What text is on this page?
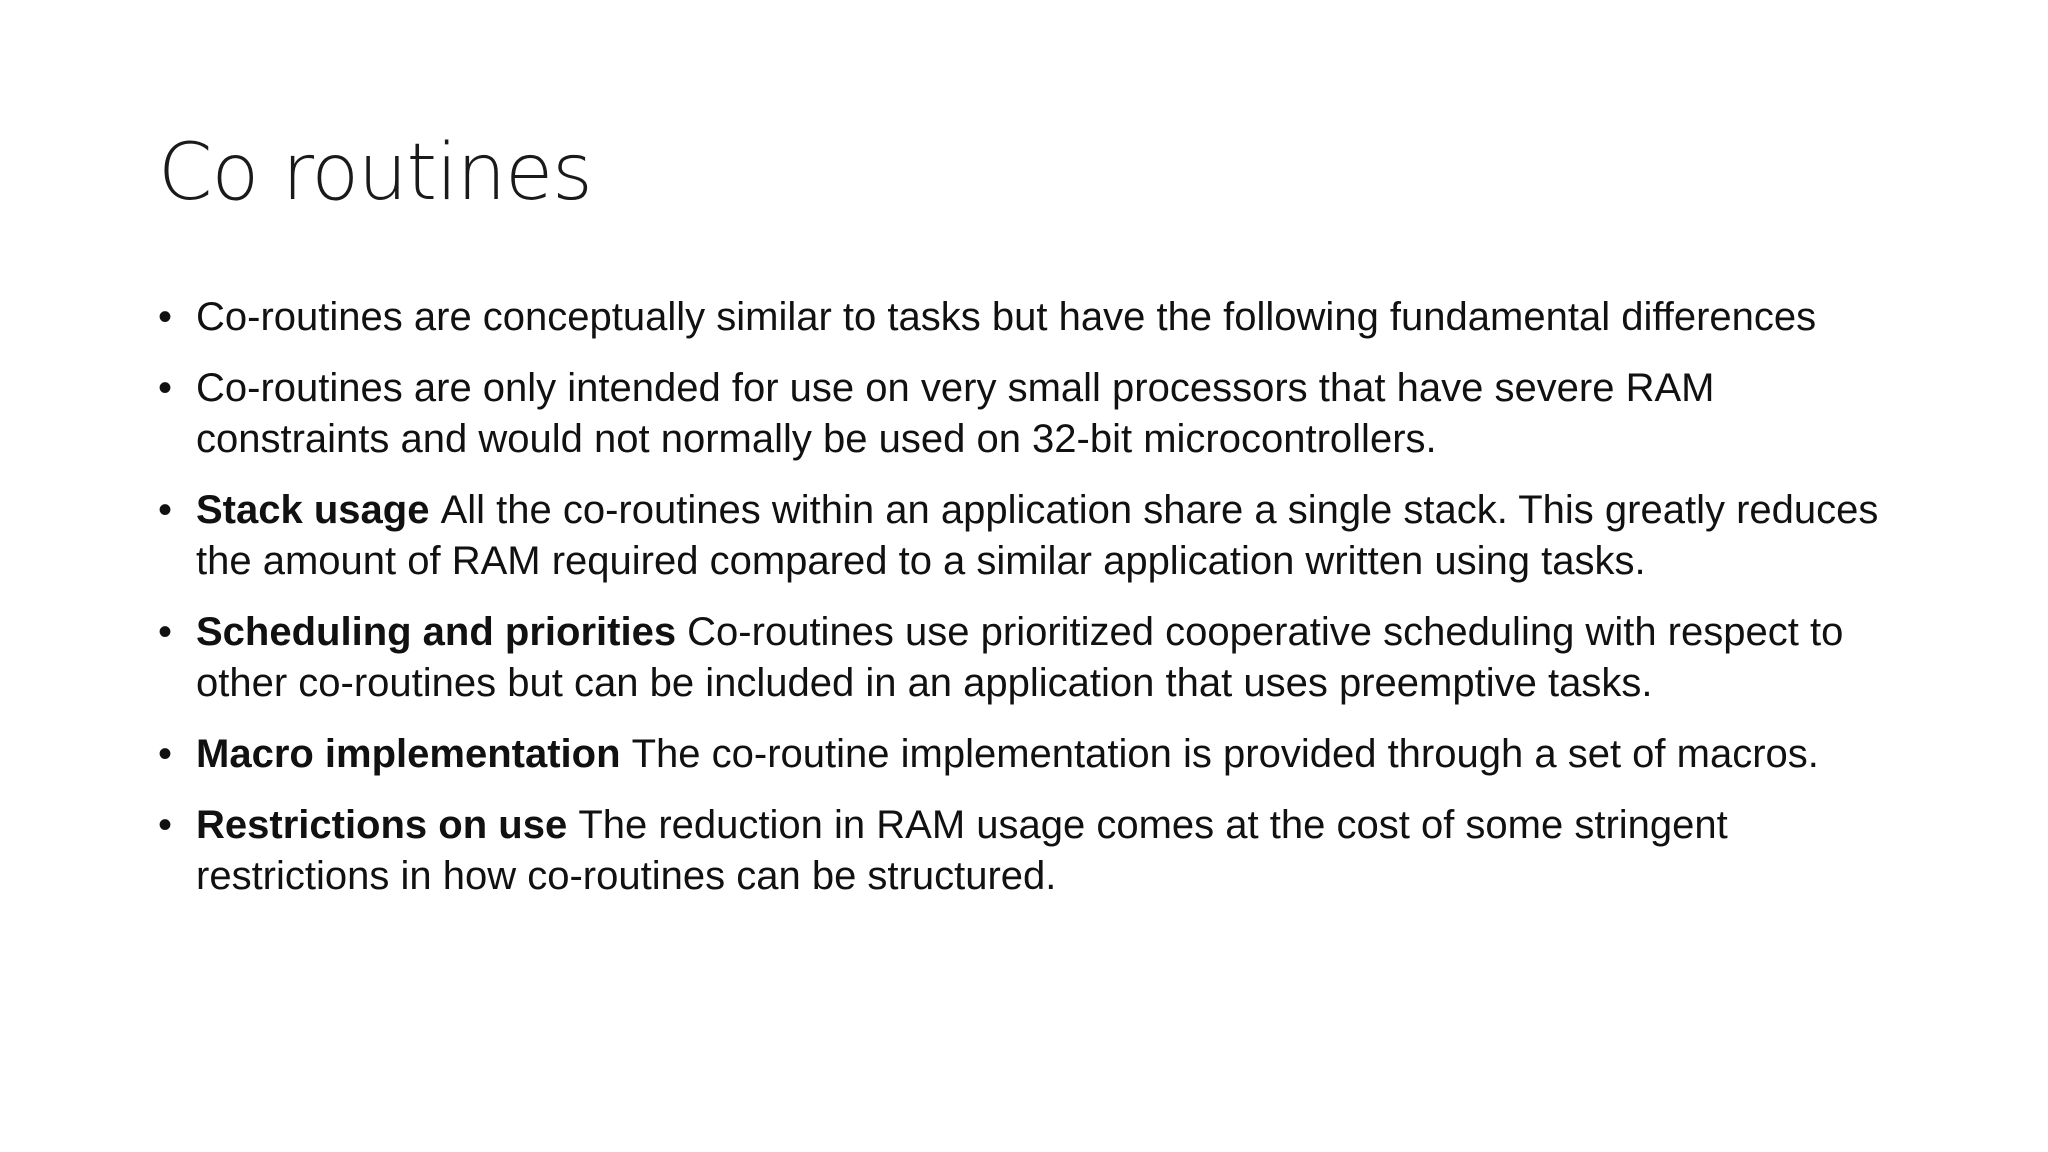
Co routines
• Co-routines are conceptually similar to tasks but have the following fundamental differences
• Co-routines are only intended for use on very small processors that have severe RAM constraints and would not normally be used on 32-bit microcontrollers.
• Stack usage All the co-routines within an application share a single stack. This greatly reduces the amount of RAM required compared to a similar application written using tasks.
• Scheduling and priorities Co-routines use prioritized cooperative scheduling with respect to other co-routines but can be included in an application that uses preemptive tasks.
• Macro implementation The co-routine implementation is provided through a set of macros.
• Restrictions on use The reduction in RAM usage comes at the cost of some stringent restrictions in how co-routines can be structured.
